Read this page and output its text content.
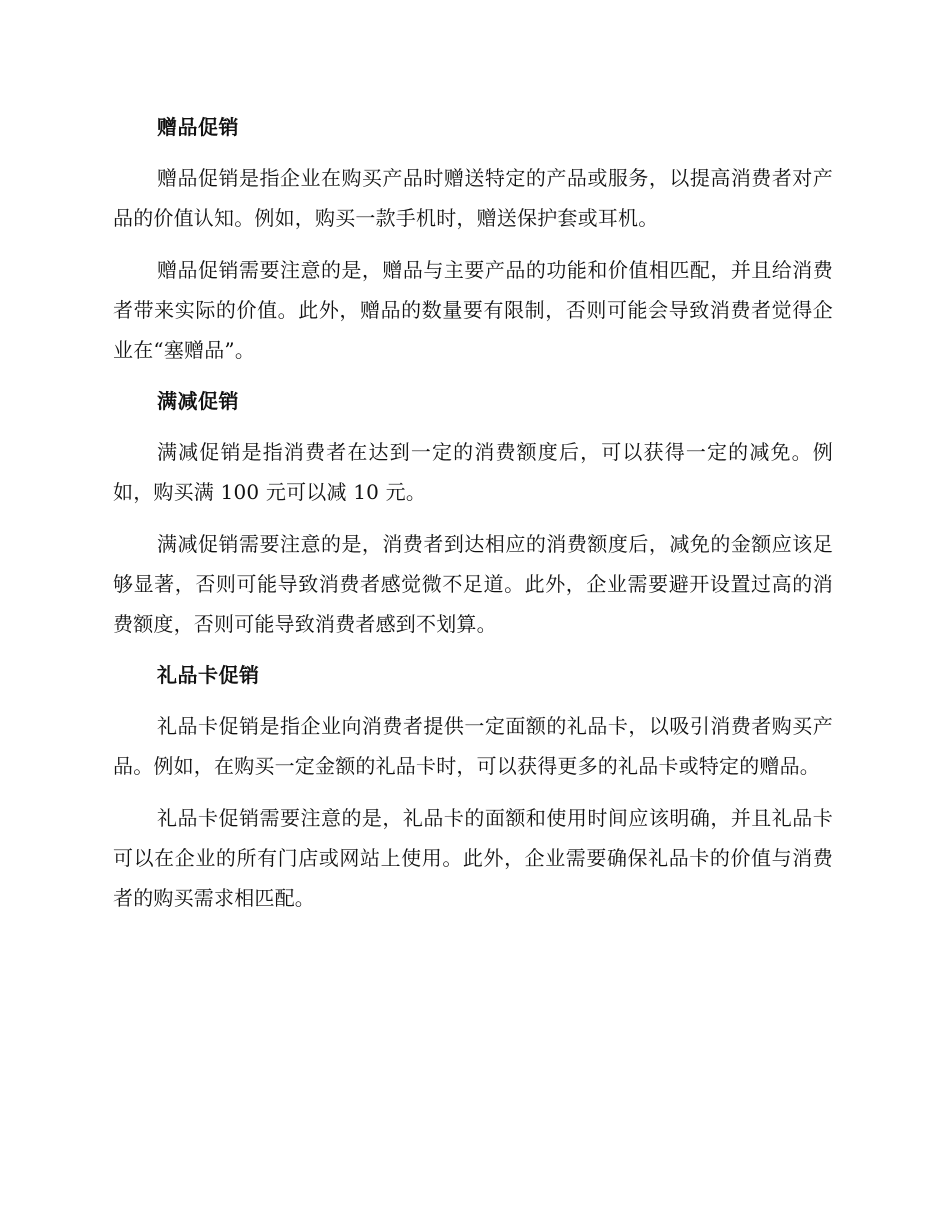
赠品促销

赠品促销是指企业在购买产品时赠送特定的产品或服务，以提高消费者对产品的价值认知。例如，购买一款手机时，赠送保护套或耳机。

赠品促销需要注意的是，赠品与主要产品的功能和价值相匹配，并且给消费者带来实际的价值。此外，赠品的数量要有限制，否则可能会导致消费者觉得企业在“塞赠品”。

满减促销

满减促销是指消费者在达到一定的消费额度后，可以获得一定的减免。例如，购买满 100 元可以减 10 元。

满减促销需要注意的是，消费者到达相应的消费额度后，减免的金额应该足够显著，否则可能导致消费者感觉微不足道。此外，企业需要避开设置过高的消费额度，否则可能导致消费者感到不划算。

礼品卡促销

礼品卡促销是指企业向消费者提供一定面额的礼品卡，以吸引消费者购买产品。例如，在购买一定金额的礼品卡时，可以获得更多的礼品卡或特定的赠品。

礼品卡促销需要注意的是，礼品卡的面额和使用时间应该明确，并且礼品卡可以在企业的所有门店或网站上使用。此外，企业需要确保礼品卡的价值与消费者的购买需求相匹配。
